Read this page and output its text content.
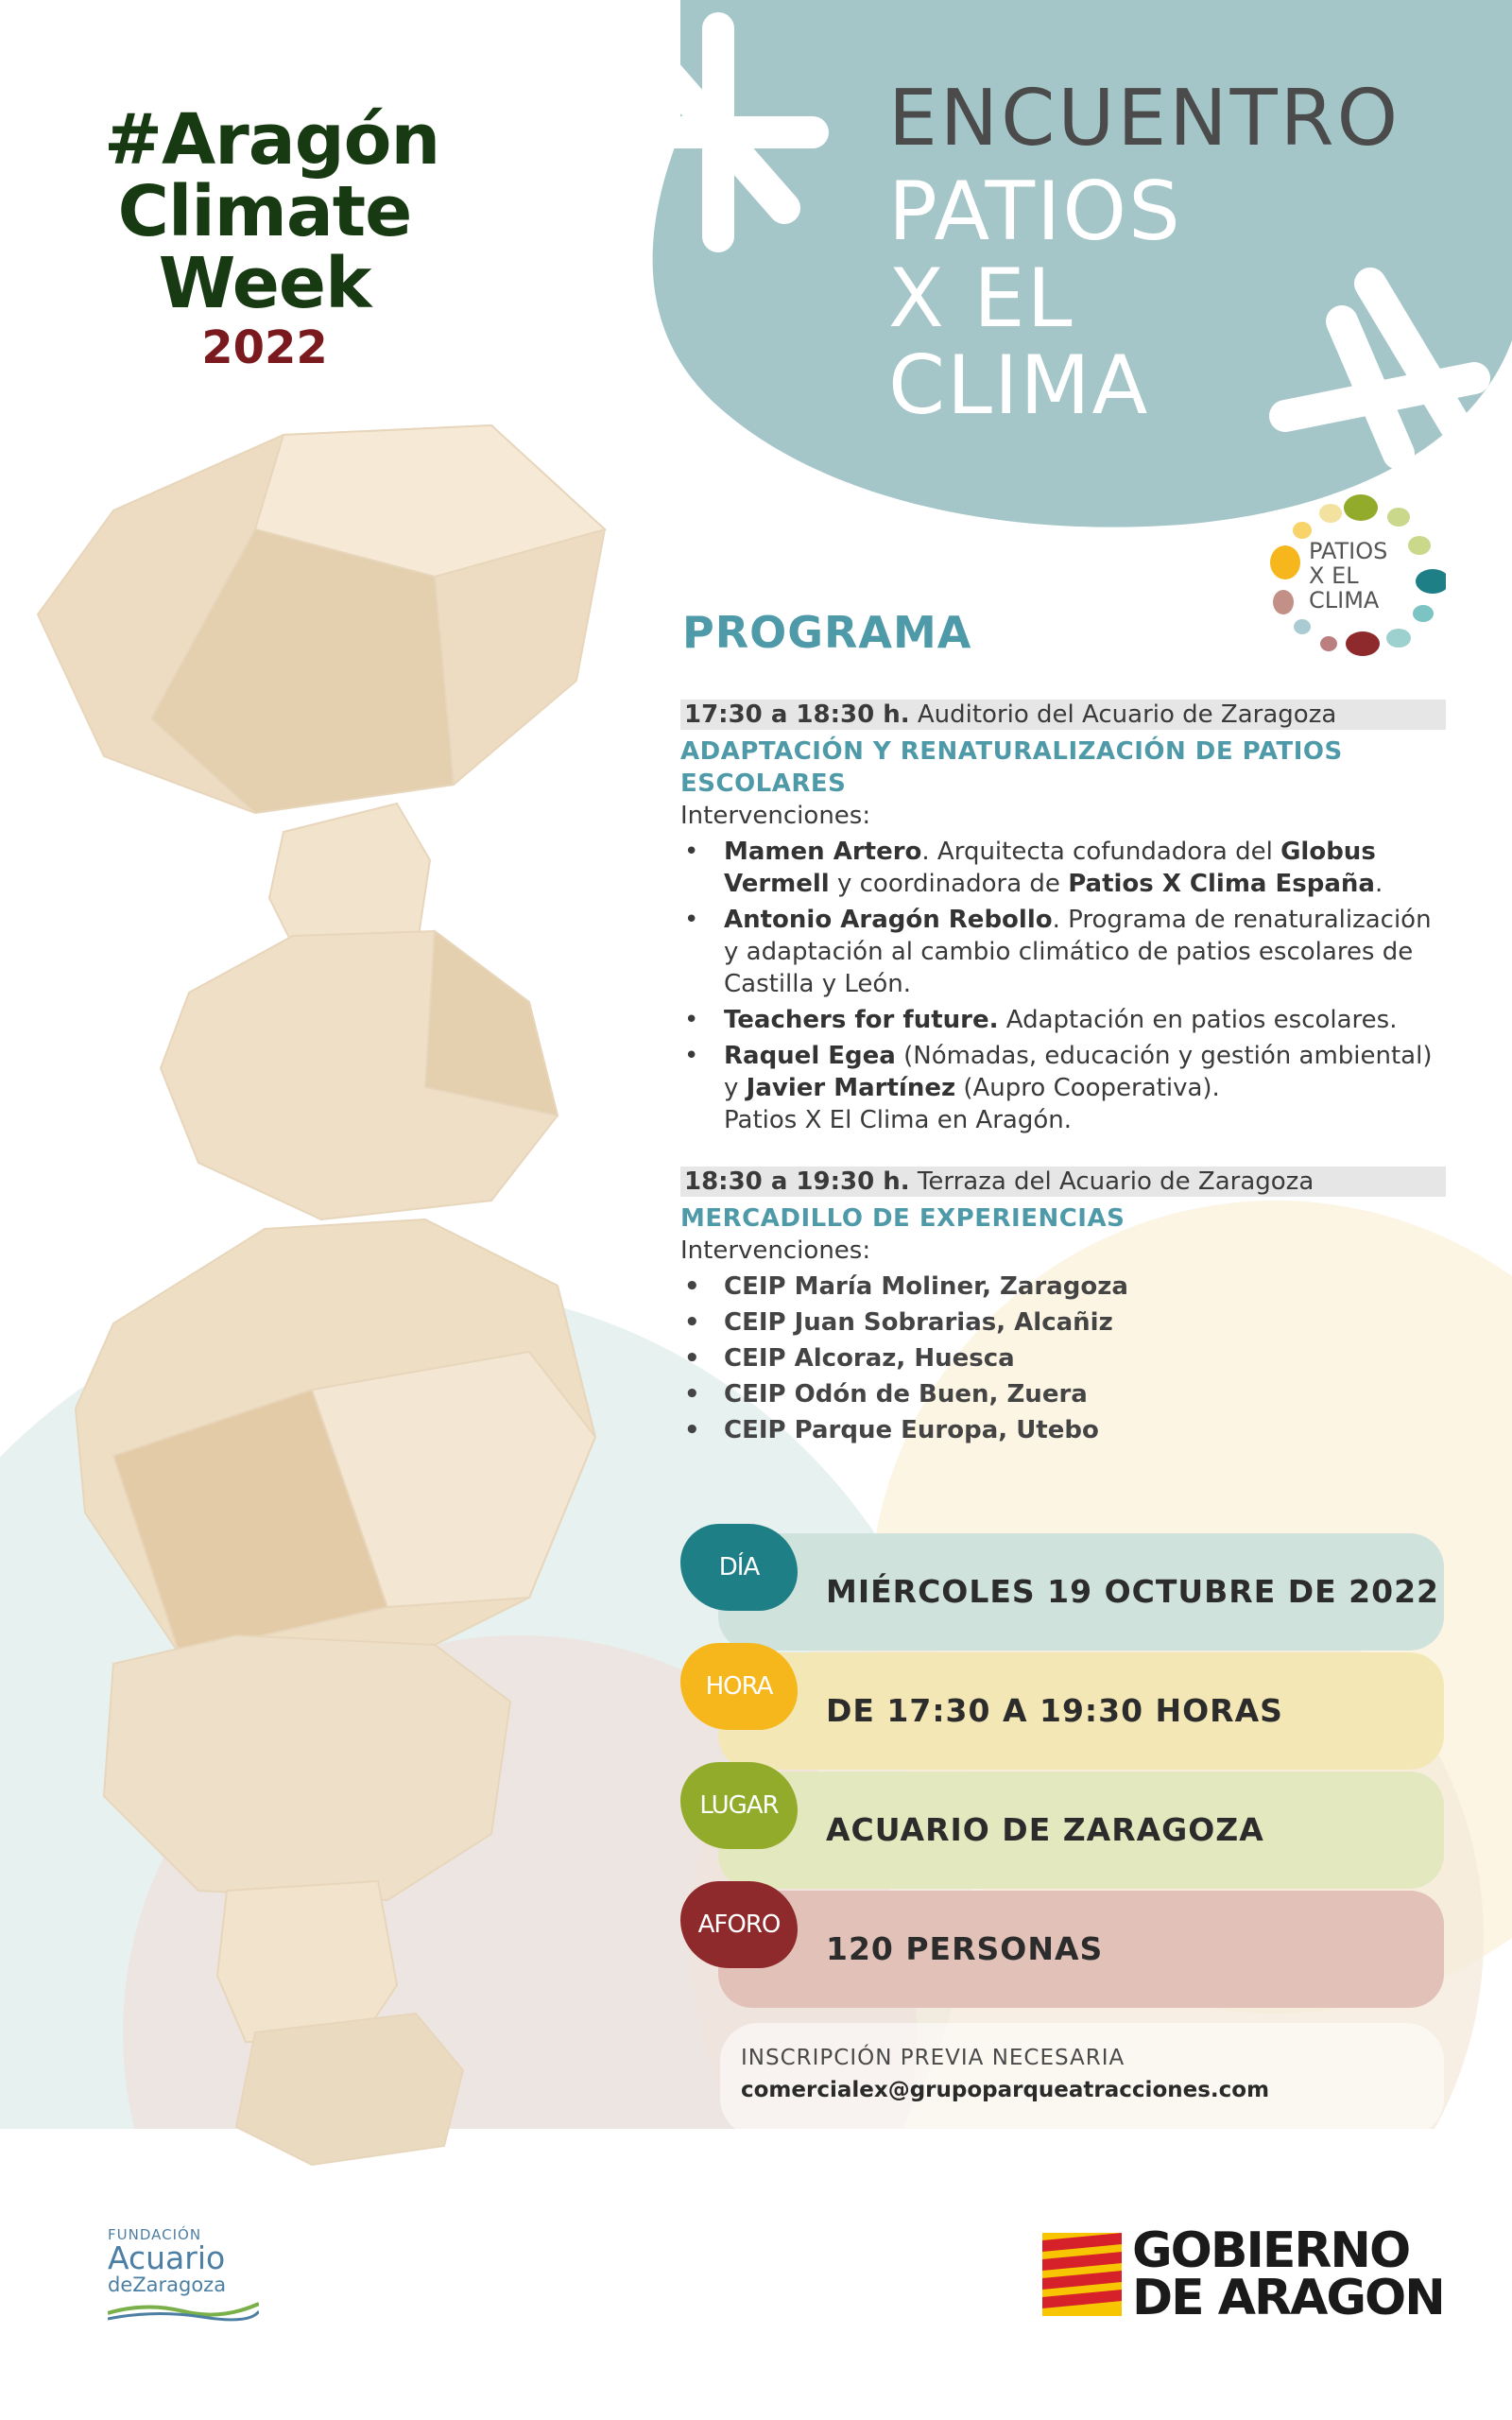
#Aragón
Climate
Week
2022
ENCUENTRO
PATIOS
X EL
CLIMA
PATIOS
X EL
CLIMA
PROGRAMA
17:30 a 18:30 h. Auditorio del Acuario de Zaragoza
ADAPTACIÓN Y RENATURALIZACIÓN DE PATIOS ESCOLARES
Intervenciones:
• Mamen Artero. Arquitecta cofundadora del Globus Vermell y coordinadora de Patios X Clima España.
• Antonio Aragón Rebollo. Programa de renaturalización y adaptación al cambio climático de patios escolares de Castilla y León.
• Teachers for future. Adaptación en patios escolares.
• Raquel Egea (Nómadas, educación y gestión ambiental) y Javier Martínez (Aupro Cooperativa).
Patios X El Clima en Aragón.
18:30 a 19:30 h. Terraza del Acuario de Zaragoza
MERCADILLO DE EXPERIENCIAS
Intervenciones:
• CEIP María Moliner, Zaragoza
• CEIP Juan Sobrarias, Alcañiz
• CEIP Alcoraz, Huesca
• CEIP Odón de Buen, Zuera
• CEIP Parque Europa, Utebo
MIÉRCOLES 19 OCTUBRE DE 2022
DÍA
DE 17:30 A 19:30 HORAS
HORA
ACUARIO DE ZARAGOZA
LUGAR
120 PERSONAS
AFORO
INSCRIPCIÓN PREVIA NECESARIA
comercialex@grupoparqueatracciones.com
FUNDACIÓN
Acuario
deZaragoza
GOBIERNO
DE ARAGON
